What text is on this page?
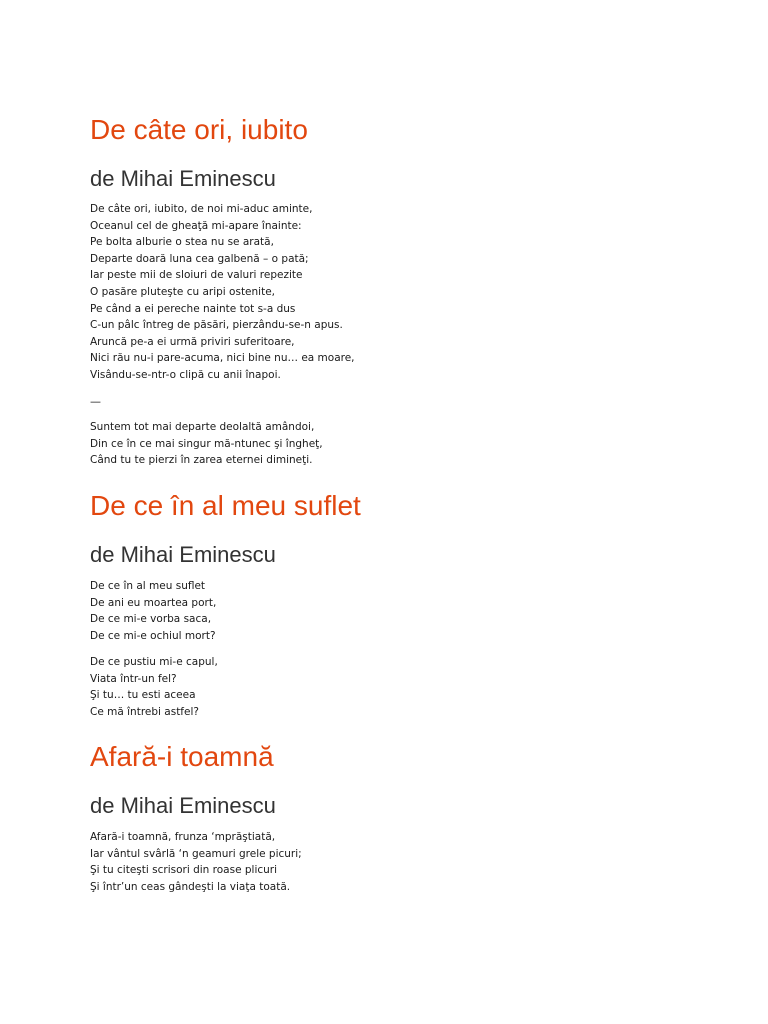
De câte ori, iubito
de Mihai Eminescu
De câte ori, iubito, de noi mi-aduc aminte,
Oceanul cel de gheaţă mi-apare înainte:
Pe bolta alburie o stea nu se arată,
Departe doară luna cea galbenă – o pată;
Iar peste mii de sloiuri de valuri repezite
O pasăre pluteşte cu aripi ostenite,
Pe când a ei pereche nainte tot s-a dus
C-un pâlc întreg de păsări, pierzându-se-n apus.
Aruncă pe-a ei urmă priviri suferitoare,
Nici rău nu-i pare-acuma, nici bine nu… ea moare,
Visându-se-ntr-o clipă cu anii înapoi.
—
Suntem tot mai departe deolaltă amândoi,
Din ce în ce mai singur mă-ntunec şi îngheţ,
Când tu te pierzi în zarea eternei dimineţi.
De ce în al meu suflet
de Mihai Eminescu
De ce în al meu suflet
De ani eu moartea port,
De ce mi-e vorba saca,
De ce mi-e ochiul mort?
De ce pustiu mi-e capul,
Viata într-un fel?
Şi tu… tu esti aceea
Ce mă întrebi astfel?
Afară-i toamnă
de Mihai Eminescu
Afară-i toamnă, frunza ‘mprăştiată,
Iar vântul svârlă ‘n geamuri grele picuri;
Şi tu citeşti scrisori din roase plicuri
Şi într’un ceas gândeşti la viaţa toată.
